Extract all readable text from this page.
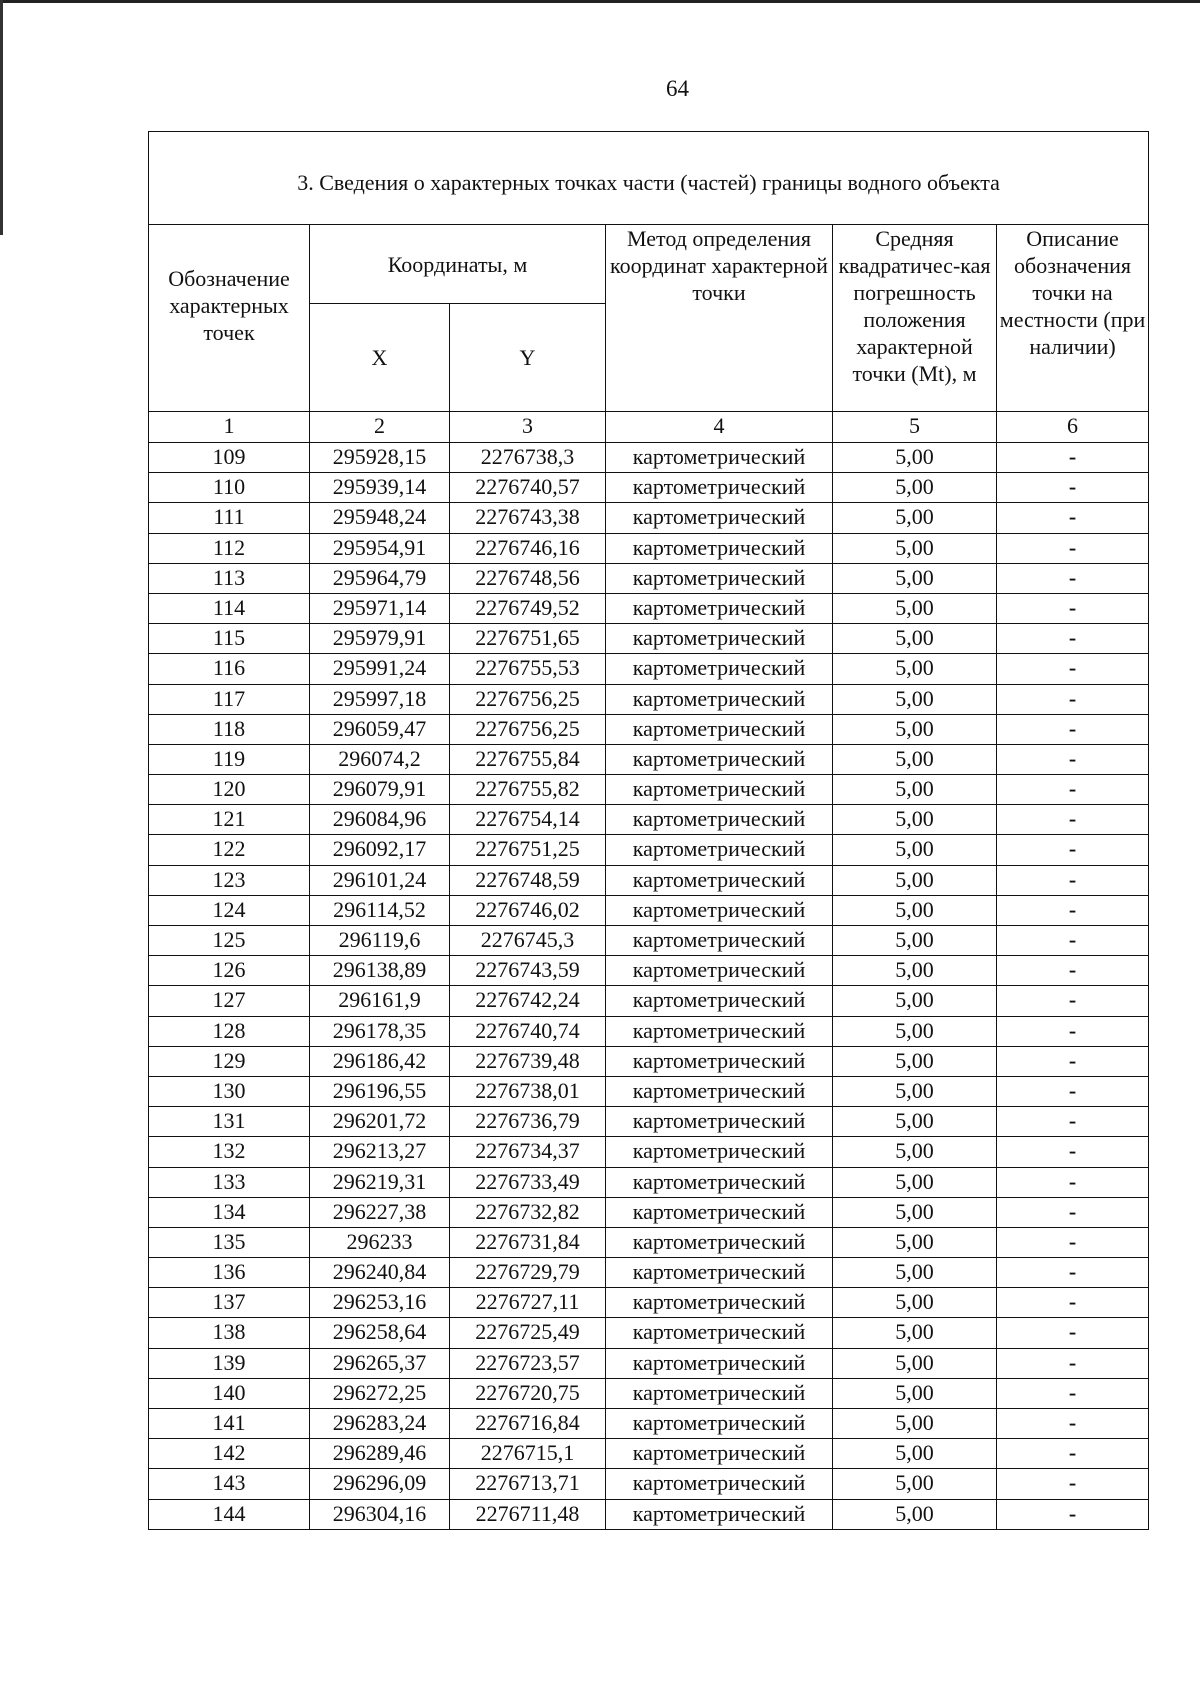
64
3. Сведения о характерных точках части (частей) границы водного объекта					
Обозначение характерных точек	Координаты, м		Метод определения координат характерной точки	Средняя квадратичес-кая погрешность положения характерной точки (Mt), м	Описание обозначения точки на местности (при наличии)
	X	Y			
1	2	3	4	5	6
109	295928,15	2276738,3	картометрический	5,00	-
110	295939,14	2276740,57	картометрический	5,00	-
111	295948,24	2276743,38	картометрический	5,00	-
112	295954,91	2276746,16	картометрический	5,00	-
113	295964,79	2276748,56	картометрический	5,00	-
114	295971,14	2276749,52	картометрический	5,00	-
115	295979,91	2276751,65	картометрический	5,00	-
116	295991,24	2276755,53	картометрический	5,00	-
117	295997,18	2276756,25	картометрический	5,00	-
118	296059,47	2276756,25	картометрический	5,00	-
119	296074,2	2276755,84	картометрический	5,00	-
120	296079,91	2276755,82	картометрический	5,00	-
121	296084,96	2276754,14	картометрический	5,00	-
122	296092,17	2276751,25	картометрический	5,00	-
123	296101,24	2276748,59	картометрический	5,00	-
124	296114,52	2276746,02	картометрический	5,00	-
125	296119,6	2276745,3	картометрический	5,00	-
126	296138,89	2276743,59	картометрический	5,00	-
127	296161,9	2276742,24	картометрический	5,00	-
128	296178,35	2276740,74	картометрический	5,00	-
129	296186,42	2276739,48	картометрический	5,00	-
130	296196,55	2276738,01	картометрический	5,00	-
131	296201,72	2276736,79	картометрический	5,00	-
132	296213,27	2276734,37	картометрический	5,00	-
133	296219,31	2276733,49	картометрический	5,00	-
134	296227,38	2276732,82	картометрический	5,00	-
135	296233	2276731,84	картометрический	5,00	-
136	296240,84	2276729,79	картометрический	5,00	-
137	296253,16	2276727,11	картометрический	5,00	-
138	296258,64	2276725,49	картометрический	5,00	-
139	296265,37	2276723,57	картометрический	5,00	-
140	296272,25	2276720,75	картометрический	5,00	-
141	296283,24	2276716,84	картометрический	5,00	-
142	296289,46	2276715,1	картометрический	5,00	-
143	296296,09	2276713,71	картометрический	5,00	-
144	296304,16	2276711,48	картометрический	5,00	-
